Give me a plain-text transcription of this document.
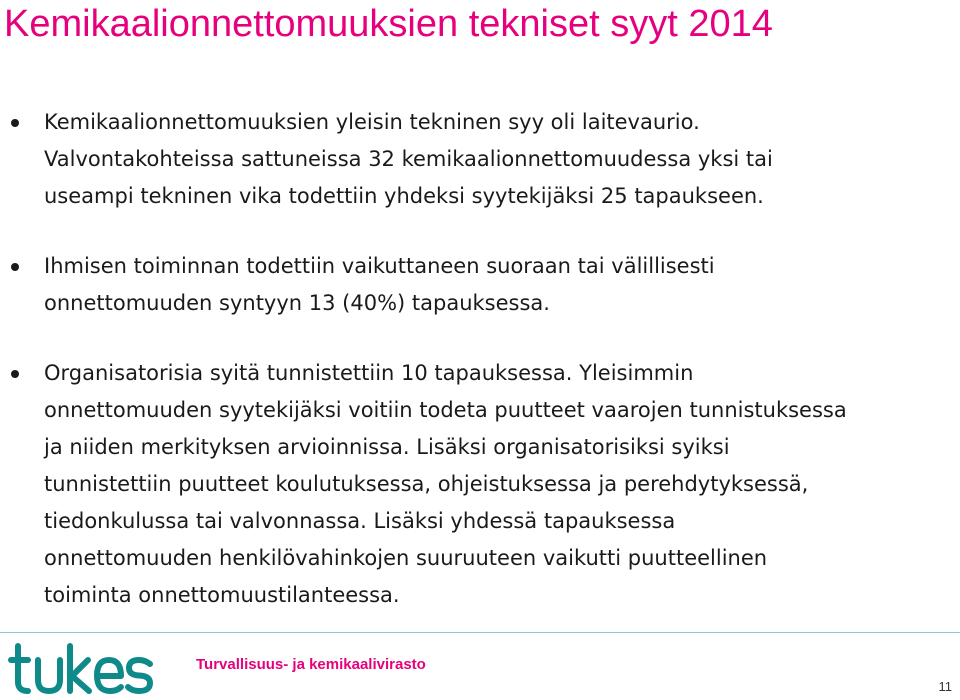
Kemikaalionnettomuuksien tekniset syyt 2014
Kemikaalionnettomuuksien yleisin tekninen syy oli laitevaurio. Valvontakohteissa sattuneissa 32 kemikaalionnettomuudessa yksi tai useampi tekninen vika todettiin yhdeksi syytekijäksi 25 tapaukseen.
Ihmisen toiminnan todettiin vaikuttaneen suoraan tai välillisesti onnettomuuden syntyyn 13 (40%) tapauksessa.
Organisatorisia syitä tunnistettiin 10 tapauksessa. Yleisimmin onnettomuuden syytekijäksi voitiin todeta puutteet vaarojen tunnistuksessa ja niiden merkityksen arvioinnissa. Lisäksi organisatorisiksi syiksi tunnistettiin puutteet koulutuksessa, ohjeistuksessa ja perehdytyksessä, tiedonkulussa tai valvonnassa. Lisäksi yhdessä tapauksessa onnettomuuden henkilövahinkojen suuruuteen vaikutti puutteellinen toiminta onnettomuustilanteessa.
Turvallisuus- ja kemikaalivirasto
11
